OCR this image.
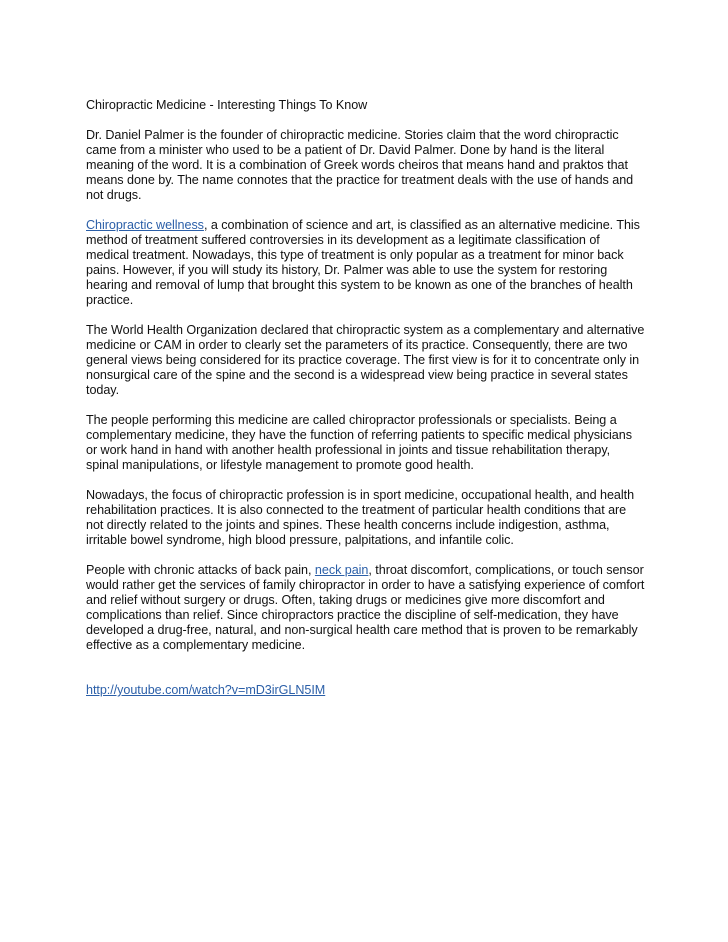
Chiropractic Medicine - Interesting Things To Know

Dr. Daniel Palmer is the founder of chiropractic medicine. Stories claim that the word chiropractic came from a minister who used to be a patient of Dr. David Palmer. Done by hand is the literal meaning of the word. It is a combination of Greek words cheiros that means hand and praktos that means done by. The name connotes that the practice for treatment deals with the use of hands and not drugs.

Chiropractic wellness, a combination of science and art, is classified as an alternative medicine. This method of treatment suffered controversies in its development as a legitimate classification of medical treatment. Nowadays, this type of treatment is only popular as a treatment for minor back pains. However, if you will study its history, Dr. Palmer was able to use the system for restoring hearing and removal of lump that brought this system to be known as one of the branches of health practice.

The World Health Organization declared that chiropractic system as a complementary and alternative medicine or CAM in order to clearly set the parameters of its practice. Consequently, there are two general views being considered for its practice coverage. The first view is for it to concentrate only in nonsurgical care of the spine and the second is a widespread view being practice in several states today.

The people performing this medicine are called chiropractor professionals or specialists. Being a complementary medicine, they have the function of referring patients to specific medical physicians or work hand in hand with another health professional in joints and tissue rehabilitation therapy, spinal manipulations, or lifestyle management to promote good health.

Nowadays, the focus of chiropractic profession is in sport medicine, occupational health, and health rehabilitation practices. It is also connected to the treatment of particular health conditions that are not directly related to the joints and spines. These health concerns include indigestion, asthma, irritable bowel syndrome, high blood pressure, palpitations, and infantile colic.

People with chronic attacks of back pain, neck pain, throat discomfort, complications, or touch sensor would rather get the services of family chiropractor in order to have a satisfying experience of comfort and relief without surgery or drugs. Often, taking drugs or medicines give more discomfort and complications than relief. Since chiropractors practice the discipline of self-medication, they have developed a drug-free, natural, and non-surgical health care method that is proven to be remarkably effective as a complementary medicine.

http://youtube.com/watch?v=mD3irGLN5IM
